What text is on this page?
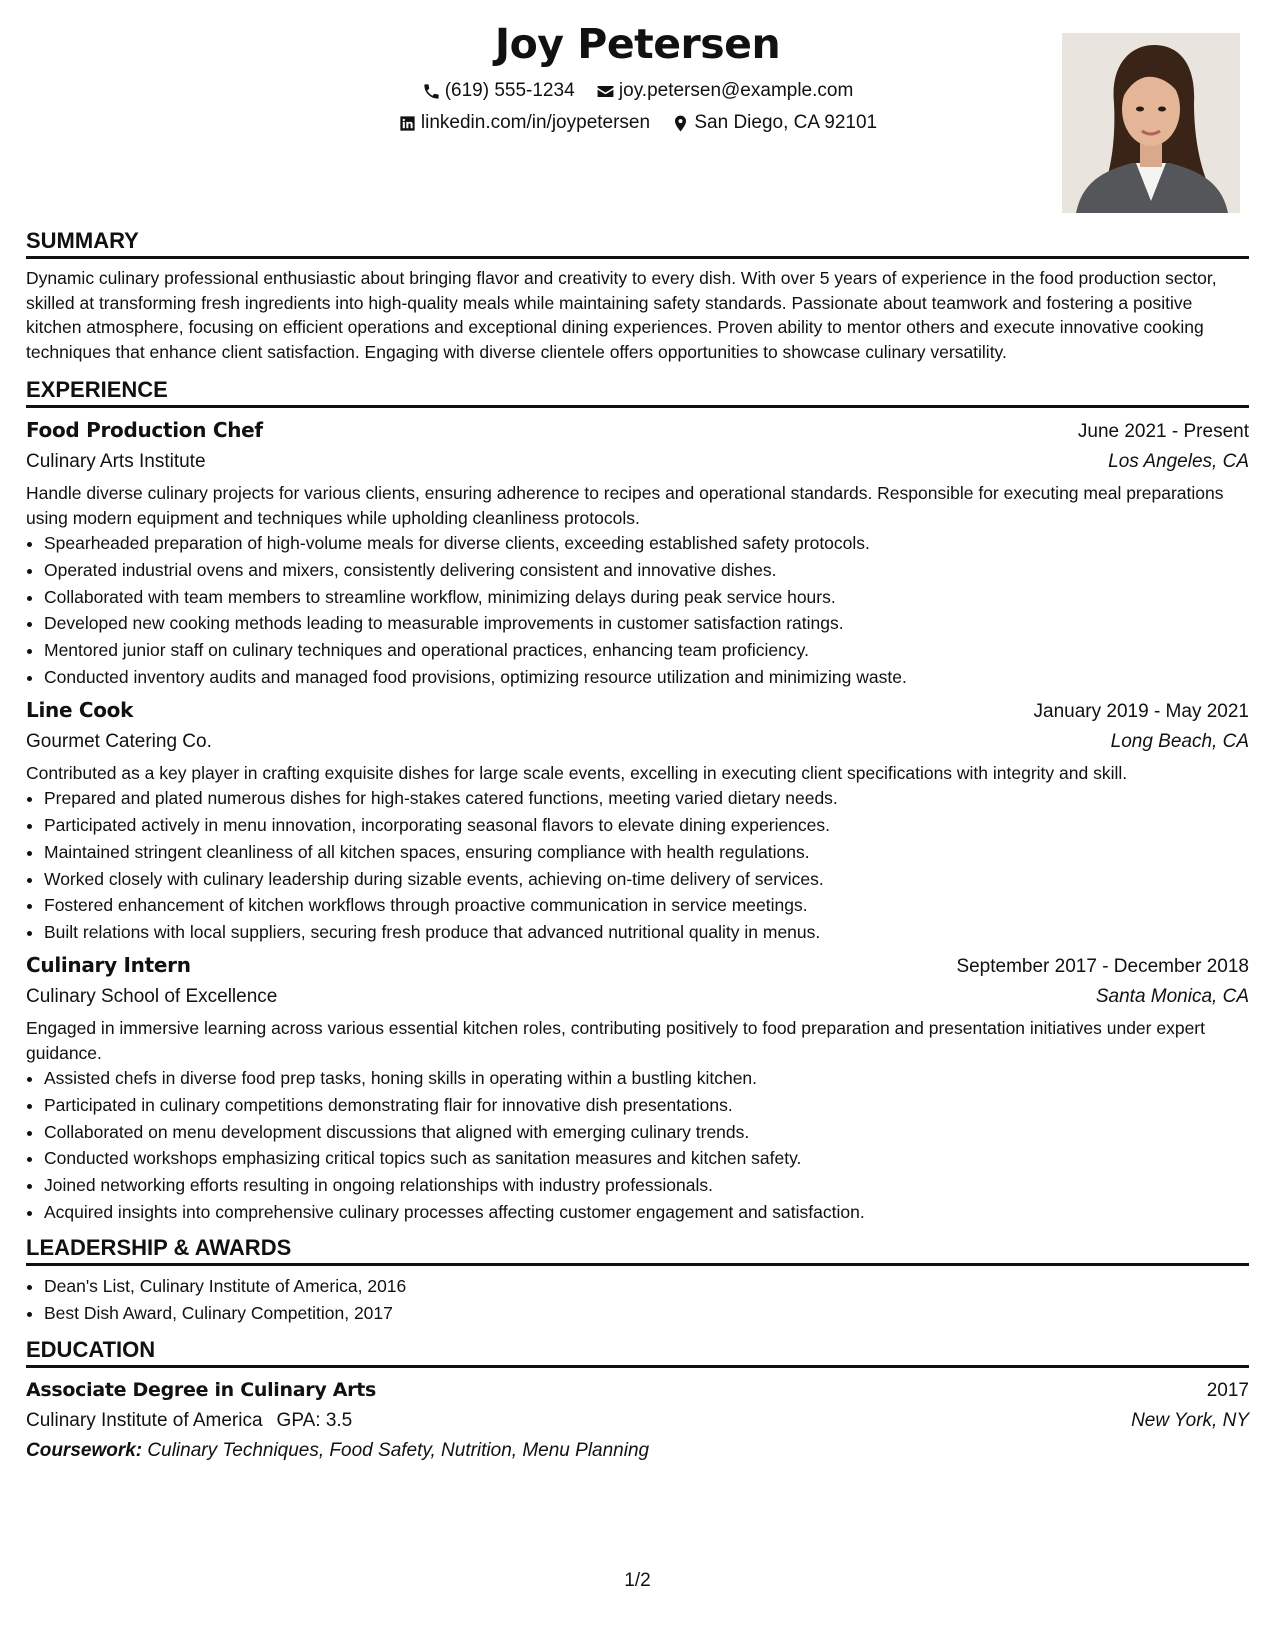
Joy Petersen
(619) 555-1234
joy.petersen@example.com
linkedin.com/in/joypetersen
San Diego, CA 92101
SUMMARY

Dynamic culinary professional enthusiastic about bringing flavor and creativity to every dish. With over 5 years of experience in the food production sector, skilled at transforming fresh ingredients into high-quality meals while maintaining safety standards. Passionate about teamwork and fostering a positive kitchen atmosphere, focusing on efficient operations and exceptional dining experiences. Proven ability to mentor others and execute innovative cooking techniques that enhance client satisfaction. Engaging with diverse clientele offers opportunities to showcase culinary versatility.

EXPERIENCE
Food Production Chef	June 2021 - Present
Culinary Arts Institute	Los Angeles, CA
Handle diverse culinary projects for various clients, ensuring adherence to recipes and operational standards. Responsible for executing meal preparations using modern equipment and techniques while upholding cleanliness protocols.
• Spearheaded preparation of high-volume meals for diverse clients, exceeding established safety protocols.
• Operated industrial ovens and mixers, consistently delivering consistent and innovative dishes.
• Collaborated with team members to streamline workflow, minimizing delays during peak service hours.
• Developed new cooking methods leading to measurable improvements in customer satisfaction ratings.
• Mentored junior staff on culinary techniques and operational practices, enhancing team proficiency.
• Conducted inventory audits and managed food provisions, optimizing resource utilization and minimizing waste.
Line Cook	January 2019 - May 2021
Gourmet Catering Co.	Long Beach, CA
Contributed as a key player in crafting exquisite dishes for large scale events, excelling in executing client specifications with integrity and skill.
• Prepared and plated numerous dishes for high-stakes catered functions, meeting varied dietary needs.
• Participated actively in menu innovation, incorporating seasonal flavors to elevate dining experiences.
• Maintained stringent cleanliness of all kitchen spaces, ensuring compliance with health regulations.
• Worked closely with culinary leadership during sizable events, achieving on-time delivery of services.
• Fostered enhancement of kitchen workflows through proactive communication in service meetings.
• Built relations with local suppliers, securing fresh produce that advanced nutritional quality in menus.
Culinary Intern	September 2017 - December 2018
Culinary School of Excellence	Santa Monica, CA
Engaged in immersive learning across various essential kitchen roles, contributing positively to food preparation and presentation initiatives under expert guidance.
• Assisted chefs in diverse food prep tasks, honing skills in operating within a bustling kitchen.
• Participated in culinary competitions demonstrating flair for innovative dish presentations.
• Collaborated on menu development discussions that aligned with emerging culinary trends.
• Conducted workshops emphasizing critical topics such as sanitation measures and kitchen safety.
• Joined networking efforts resulting in ongoing relationships with industry professionals.
• Acquired insights into comprehensive culinary processes affecting customer engagement and satisfaction.
LEADERSHIP & AWARDS
• Dean's List, Culinary Institute of America, 2016
• Best Dish Award, Culinary Competition, 2017
EDUCATION
Associate Degree in Culinary Arts	2017
Culinary Institute of America GPA: 3.5	New York, NY
Coursework: Culinary Techniques, Food Safety, Nutrition, Menu Planning
1/2
